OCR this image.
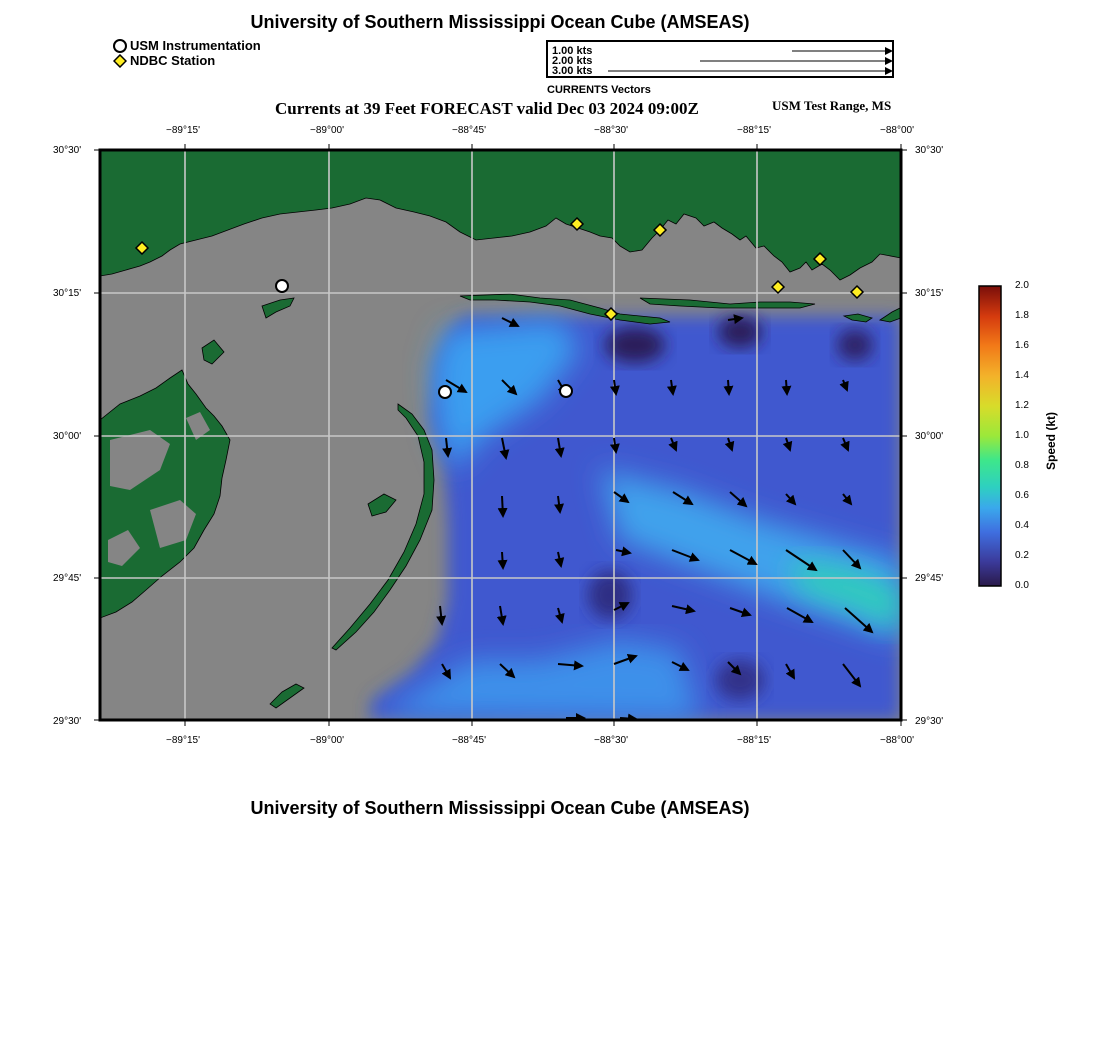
University of Southern Mississippi Ocean Cube (AMSEAS)
USM Instrumentation
NDBC Station
1.00 kts
2.00 kts
3.00 kts
CURRENTS Vectors
Currents at 39 Feet FORECAST valid Dec 03 2024 09:00Z	USM Test Range, MS
−89°15'	−89°00'	−88°45'	−88°30'	−88°15'	−88°00'
−89°15'	−89°00'	−88°45'	−88°30'	−88°15'	−88°00'
30°30'
30°15'
30°00'
29°45'
29°30'
30°30'
30°15'
30°00'
29°45'
29°30'
2.0
1.8
1.6
1.4
1.2
1.0
0.8
0.6
0.4
0.2
0.0
Speed (kt)
University of Southern Mississippi Ocean Cube (AMSEAS)
